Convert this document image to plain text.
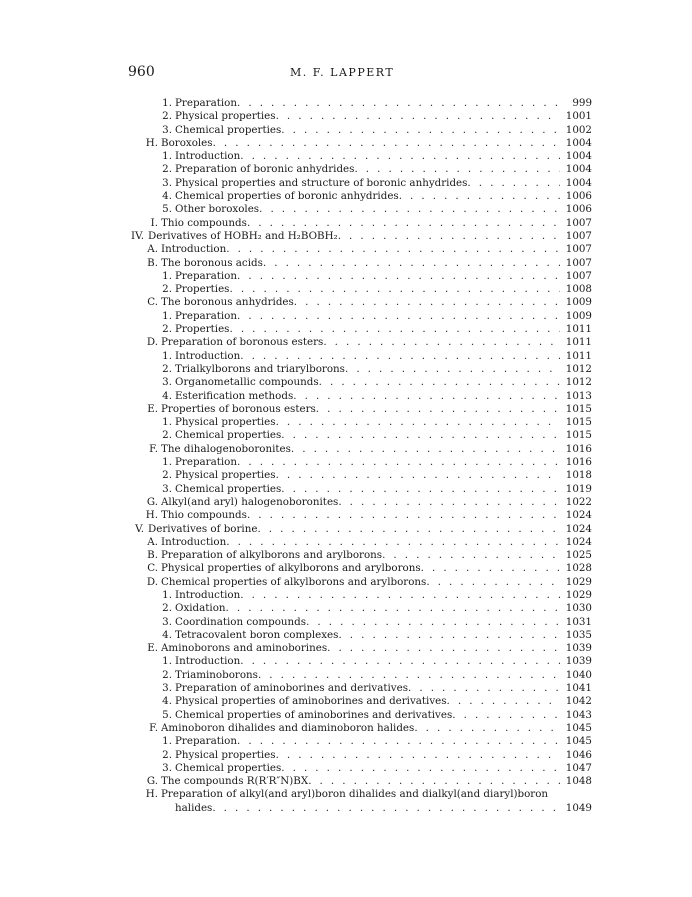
960	M. F. LAPPERT
1. Preparation . . .	999
2. Physical properties . . .	1001
3. Chemical properties . . .	1002
H. Boroxoles . . .	1004
1. Introduction . . .	1004
2. Preparation of boronic anhydrides . . .	1004
3. Physical properties and structure of boronic anhydrides . . .	1004
4. Chemical properties of boronic anhydrides . . .	1006
5. Other boroxoles . . .	1006
I. Thio compounds . . .	1007
IV. Derivatives of HOBH₂ and H₂BOBH₂ . . .	1007
A. Introduction . . .	1007
B. The boronous acids . . .	1007
1. Preparation . . .	1007
2. Properties . . .	1008
C. The boronous anhydrides . . .	1009
1. Preparation . . .	1009
2. Properties . . .	1011
D. Preparation of boronous esters . . .	1011
1. Introduction . . .	1011
2. Trialkylborons and triarylborons . . .	1012
3. Organometallic compounds . . .	1012
4. Esterification methods . . .	1013
E. Properties of boronous esters . . .	1015
1. Physical properties . . .	1015
2. Chemical properties . . .	1015
F. The dihalogenoboronites . . .	1016
1. Preparation . . .	1016
2. Physical properties . . .	1018
3. Chemical properties . . .	1019
G. Alkyl(and aryl) halogenoboronites . . .	1022
H. Thio compounds . . .	1024
V. Derivatives of borine . . .	1024
A. Introduction . . .	1024
B. Preparation of alkylborons and arylborons . . .	1025
C. Physical properties of alkylborons and arylborons . . .	1028
D. Chemical properties of alkylborons and arylborons . . .	1029
1. Introduction . . .	1029
2. Oxidation . . .	1030
3. Coordination compounds . . .	1031
4. Tetracovalent boron complexes . . .	1035
E. Aminoborons and aminoborines . . .	1039
1. Introduction . . .	1039
2. Triaminoborons . . .	1040
3. Preparation of aminoborines and derivatives . . .	1041
4. Physical properties of aminoborines and derivatives . . .	1042
5. Chemical properties of aminoborines and derivatives . . .	1043
F. Aminoboron dihalides and diaminoboron halides . . .	1045
1. Preparation . . .	1045
2. Physical properties . . .	1046
3. Chemical properties . . .	1047
G. The compounds R(R′R″N)BX . . .	1048
H. Preparation of alkyl(and aryl)boron dihalides and dialkyl(and diaryl)boron
halides . . .	1049
